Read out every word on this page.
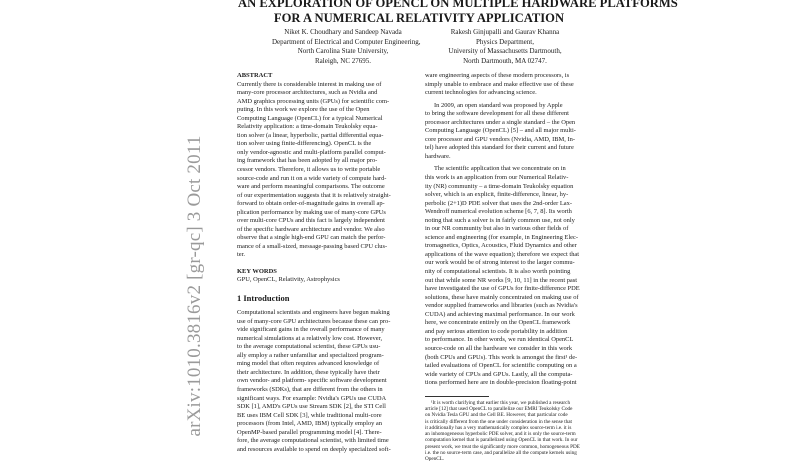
arXiv:1010.3816v2 [gr-qc] 3 Oct 2011
AN EXPLORATION OF OPENCL ON MULTIPLE HARDWARE PLATFORMS
FOR A NUMERICAL RELATIVITY APPLICATION
Niket K. Choudhary and Sandeep Navada
Department of Electrical and Computer Engineering,
North Carolina State University,
Raleigh, NC 27695.
Rakesh Ginjupalli and Gaurav Khanna
Physics Department,
University of Massachusetts Dartmouth,
North Dartmouth, MA 02747.

ABSTRACT

Currently there is considerable interest in making use of
many-core processor architectures, such as Nvidia and
AMD graphics processing units (GPUs) for scientific com-
puting. In this work we explore the use of the Open
Computing Language (OpenCL) for a typical Numerical
Relativity application: a time-domain Teukolsky equa-
tion solver (a linear, hyperbolic, partial differential equa-
tion solver using finite-differencing). OpenCL is the
only vendor-agnostic and multi-platform parallel comput-
ing framework that has been adopted by all major pro-
cessor vendors. Therefore, it allows us to write portable
source-code and run it on a wide variety of compute hard-
ware and perform meaningful comparisons. The outcome
of our experimentation suggests that it is relatively straight-
forward to obtain order-of-magnitude gains in overall ap-
plication performance by making use of many-core GPUs
over multi-core CPUs and this fact is largely independent
of the specific hardware architecture and vendor. We also
observe that a single high-end GPU can match the perfor-
mance of a small-sized, message-passing based CPU clus-
ter.

KEY WORDS

GPU, OpenCL, Relativity, Astrophysics

1 Introduction

Computational scientists and engineers have begun making
use of many-core GPU architectures because these can pro-
vide significant gains in the overall performance of many
numerical simulations at a relatively low cost. However,
to the average computational scientist, these GPUs usu-
ally employ a rather unfamiliar and specialized program-
ming model that often requires advanced knowledge of
their architecture. In addition, these typically have their
own vendor- and platform- specific software development
frameworks (SDKs), that are different from the others in
significant ways. For example: Nvidia's GPUs use CUDA
SDK [1], AMD's GPUs use Stream SDK [2], the STI Cell
BE uses IBM Cell SDK [3], while traditional multi-core
processors (from Intel, AMD, IBM) typically employ an
OpenMP-based parallel programming model [4]. There-
fore, the average computational scientist, with limited time
and resources available to spend on deeply specialized soft-

ware engineering aspects of these modern processors, is
simply unable to embrace and make effective use of these
current technologies for advancing science.

In 2009, an open standard was proposed by Apple
to bring the software development for all these different
processor architectures under a single standard – the Open
Computing Language (OpenCL) [5] – and all major multi-
core processor and GPU vendors (Nvidia, AMD, IBM, In-
tel) have adopted this standard for their current and future
hardware.

The scientific application that we concentrate on in
this work is an application from our Numerical Relativ-
ity (NR) community – a time-domain Teukolsky equation
solver, which is an explicit, finite-difference, linear, hy-
perbolic (2+1)D PDE solver that uses the 2nd-order Lax-
Wendroff numerical evolution scheme [6, 7, 8]. Its worth
noting that such a solver is in fairly common use, not only
in our NR community but also in various other fields of
science and engineering (for example, in Engineering Elec-
tromagnetics, Optics, Acoustics, Fluid Dynamics and other
applications of the wave equation); therefore we expect that
our work would be of strong interest to the larger commu-
nity of computational scientists. It is also worth pointing
out that while some NR works [9, 10, 11] in the recent past
have investigated the use of GPUs for finite-difference PDE
solutions, these have mainly concentrated on making use of
vendor supplied frameworks and libraries (such as Nvidia's
CUDA) and achieving maximal performance. In our work
here, we concentrate entirely on the OpenCL framework
and pay serious attention to code portability in addition
to performance. In other words, we run identical OpenCL
source-code on all the hardware we consider in this work
(both CPUs and GPUs). This work is amongst the first¹ de-
tailed evaluations of OpenCL for scientific computing on a
wide variety of CPUs and GPUs. Lastly, all the computa-
tions performed here are in double-precision floating-point

¹It is worth clarifying that earlier this year, we published a research
article [12] that used OpenCL to parallelize our EMRI Teukolsky Code
on Nvidia Tesla GPU and the Cell BE. However, that particular code
is critically different from the one under consideration in the sense that
it additionally has a very mathematically complex source-term i.e. it is
an inhomogeneous hyperbolic PDE solver, and it is only the source-term
computation kernel that is parallelized using OpenCL in that work. In our
present work, we treat the significantly more common, homogeneous PDE
i.e. the no source-term case, and parallelize all the compute kernels using
OpenCL.
